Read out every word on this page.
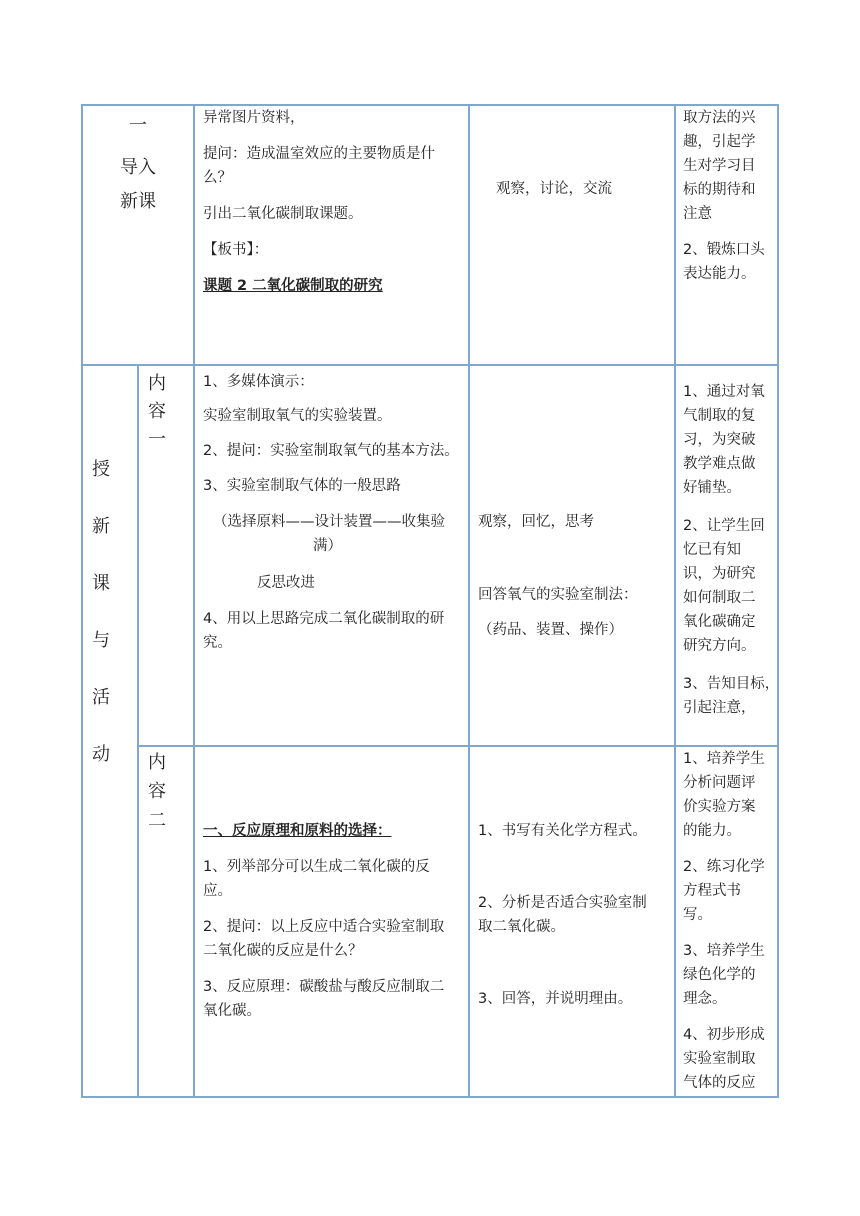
一
导入
新课
异常图片资料，
提问：造成温室效应的主要物质是什
么？
引出二氧化碳制取课题。
【板书】：
课题 2 二氧化碳制取的研究
观察，讨论，交流
取方法的兴
趣，引起学
生对学习目
标的期待和
注意
2、锻炼口头
表达能力。
授
新
课
与
活
动
内
容
一
1、多媒体演示：
实验室制取氧气的实验装置。
2、提问：实验室制取氧气的基本方法。
3、实验室制取气体的一般思路
（选择原料——设计装置——收集验
满）
反思改进
4、用以上思路完成二氧化碳制取的研
究。
观察，回忆，思考
回答氧气的实验室制法：
（药品、装置、操作）
1、通过对氧
气制取的复
习，为突破
教学难点做
好铺垫。
2、让学生回
忆已有知
识，为研究
如何制取二
氧化碳确定
研究方向。
3、告知目标，
引起注意，
内
容
二	一、反应原理和原料的选择：
1、列举部分可以生成二氧化碳的反
应。
2、提问：以上反应中适合实验室制取
二氧化碳的反应是什么？
3、反应原理：碳酸盐与酸反应制取二
氧化碳。
1、书写有关化学方程式。
2、分析是否适合实验室制
取二氧化碳。
3、回答，并说明理由。
1、培养学生
分析问题评
价实验方案
的能力。
2、练习化学
方程式书
写。
3、培养学生
绿色化学的
理念。
4、初步形成
实验室制取
气体的反应
